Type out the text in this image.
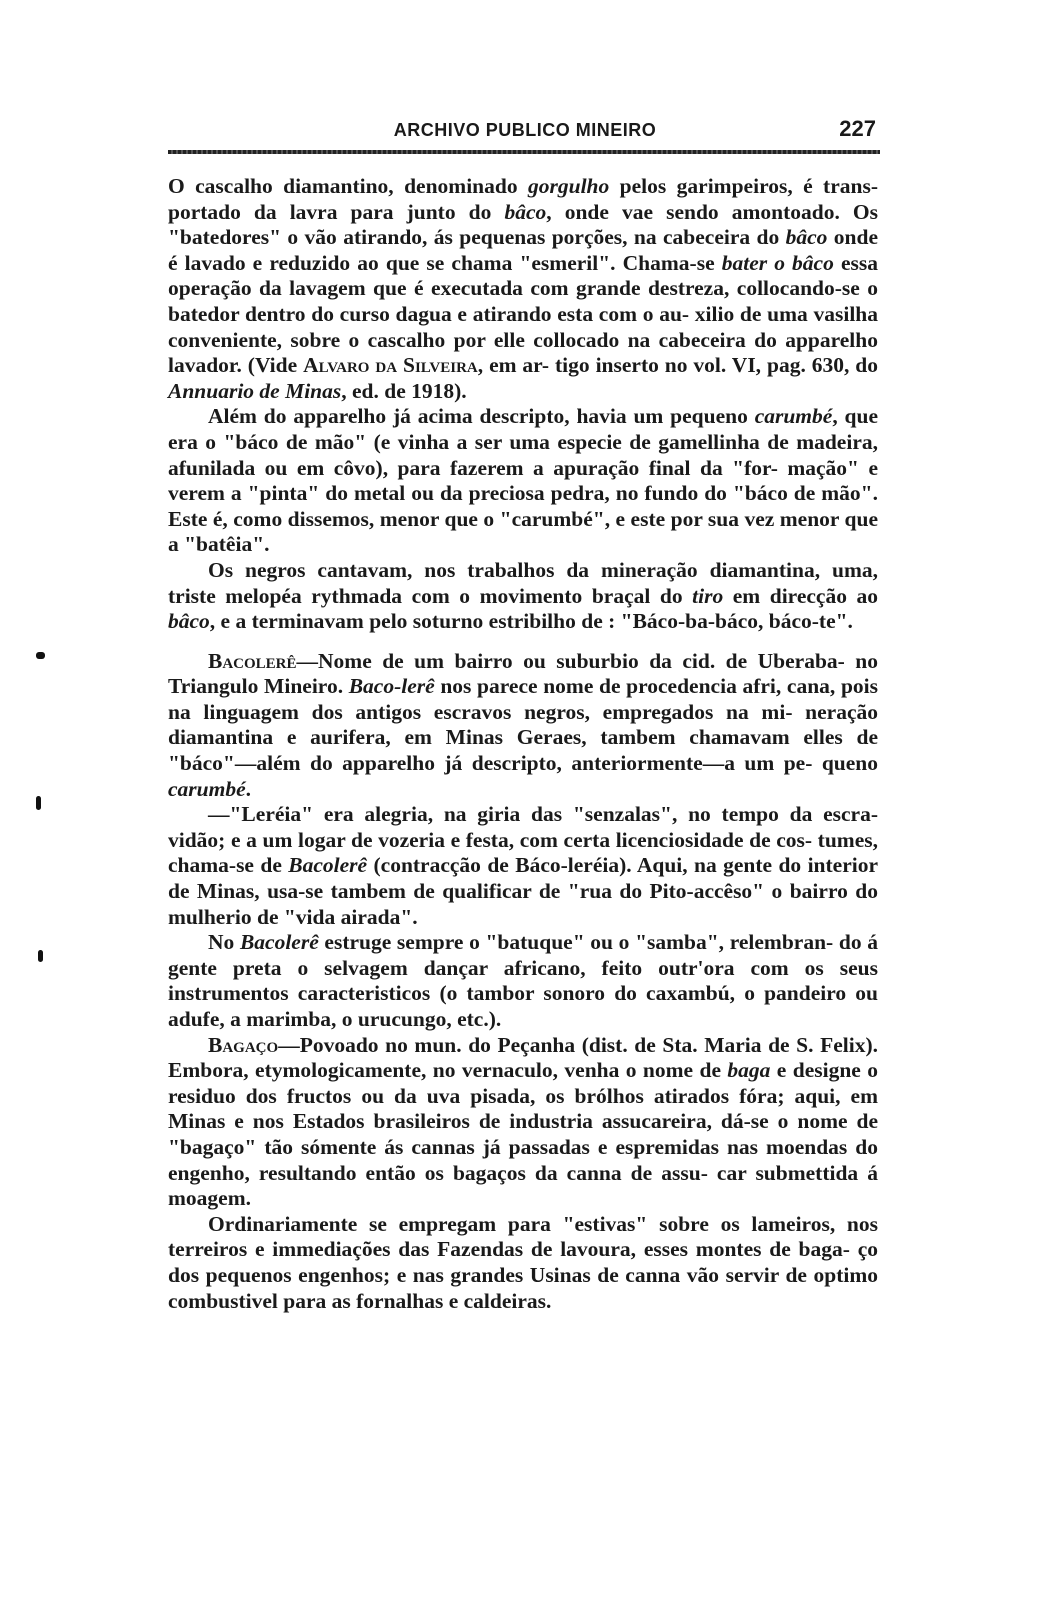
ARCHIVO PUBLICO MINEIRO	227

O cascalho diamantino, denominado gorgulho pelos garimpeiros, é trans- portado da lavra para junto do bâco, onde vae sendo amontoado. Os "batedores" o vão atirando, ás pequenas porções, na cabeceira do bâco onde é lavado e reduzido ao que se chama "esmeril". Chama-se bater o bâco essa operação da lavagem que é executada com grande destreza, collocando-se o batedor dentro do curso dagua e atirando esta com o au- xilio de uma vasilha conveniente, sobre o cascalho por elle collocado na cabeceira do apparelho lavador. (Vide Alvaro da Silveira, em ar- tigo inserto no vol. VI, pag. 630, do Annuario de Minas, ed. de 1918).

Além do apparelho já acima descripto, havia um pequeno carumbé, que era o "báco de mão" (e vinha a ser uma especie de gamellinha de madeira, afunilada ou em côvo), para fazerem a apuração final da "for- mação" e verem a "pinta" do metal ou da preciosa pedra, no fundo do "báco de mão". Este é, como dissemos, menor que o "carumbé", e este por sua vez menor que a "batêia".

Os negros cantavam, nos trabalhos da mineração diamantina, uma, triste melopéa rythmada com o movimento braçal do tiro em direcção ao bâco, e a terminavam pelo soturno estribilho de : "Báco-ba-báco, báco-te".

Bacolerê—Nome de um bairro ou suburbio da cid. de Uberaba- no Triangulo Mineiro. Baco-lerê nos parece nome de procedencia afri, cana, pois na linguagem dos antigos escravos negros, empregados na mi- neração diamantina e aurifera, em Minas Geraes, tambem chamavam elles de "báco"—além do apparelho já descripto, anteriormente—a um pe- queno carumbé.

—"Leréia" era alegria, na giria das "senzalas", no tempo da escra- vidão; e a um logar de vozeria e festa, com certa licenciosidade de cos- tumes, chama-se de Bacolerê (contracção de Báco-leréia). Aqui, na gente do interior de Minas, usa-se tambem de qualificar de "rua do Pito-accêso" o bairro do mulherio de "vida airada".

No Bacolerê estruge sempre o "batuque" ou o "samba", relembran- do á gente preta o selvagem dançar africano, feito outr'ora com os seus instrumentos caracteristicos (o tambor sonoro do caxambú, o pandeiro ou adufe, a marimba, o urucungo, etc.).

Bagaço—Povoado no mun. do Peçanha (dist. de Sta. Maria de S. Felix). Embora, etymologicamente, no vernaculo, venha o nome de baga e designe o residuo dos fructos ou da uva pisada, os brólhos atirados fóra; aqui, em Minas e nos Estados brasileiros de industria assucareira, dá-se o nome de "bagaço" tão sómente ás cannas já passadas e espremidas nas moendas do engenho, resultando então os bagaços da canna de assu- car submettida á moagem.

Ordinariamente se empregam para "estivas" sobre os lameiros, nos terreiros e immediações das Fazendas de lavoura, esses montes de baga- ço dos pequenos engenhos; e nas grandes Usinas de canna vão servir de optimo combustivel para as fornalhas e caldeiras.
